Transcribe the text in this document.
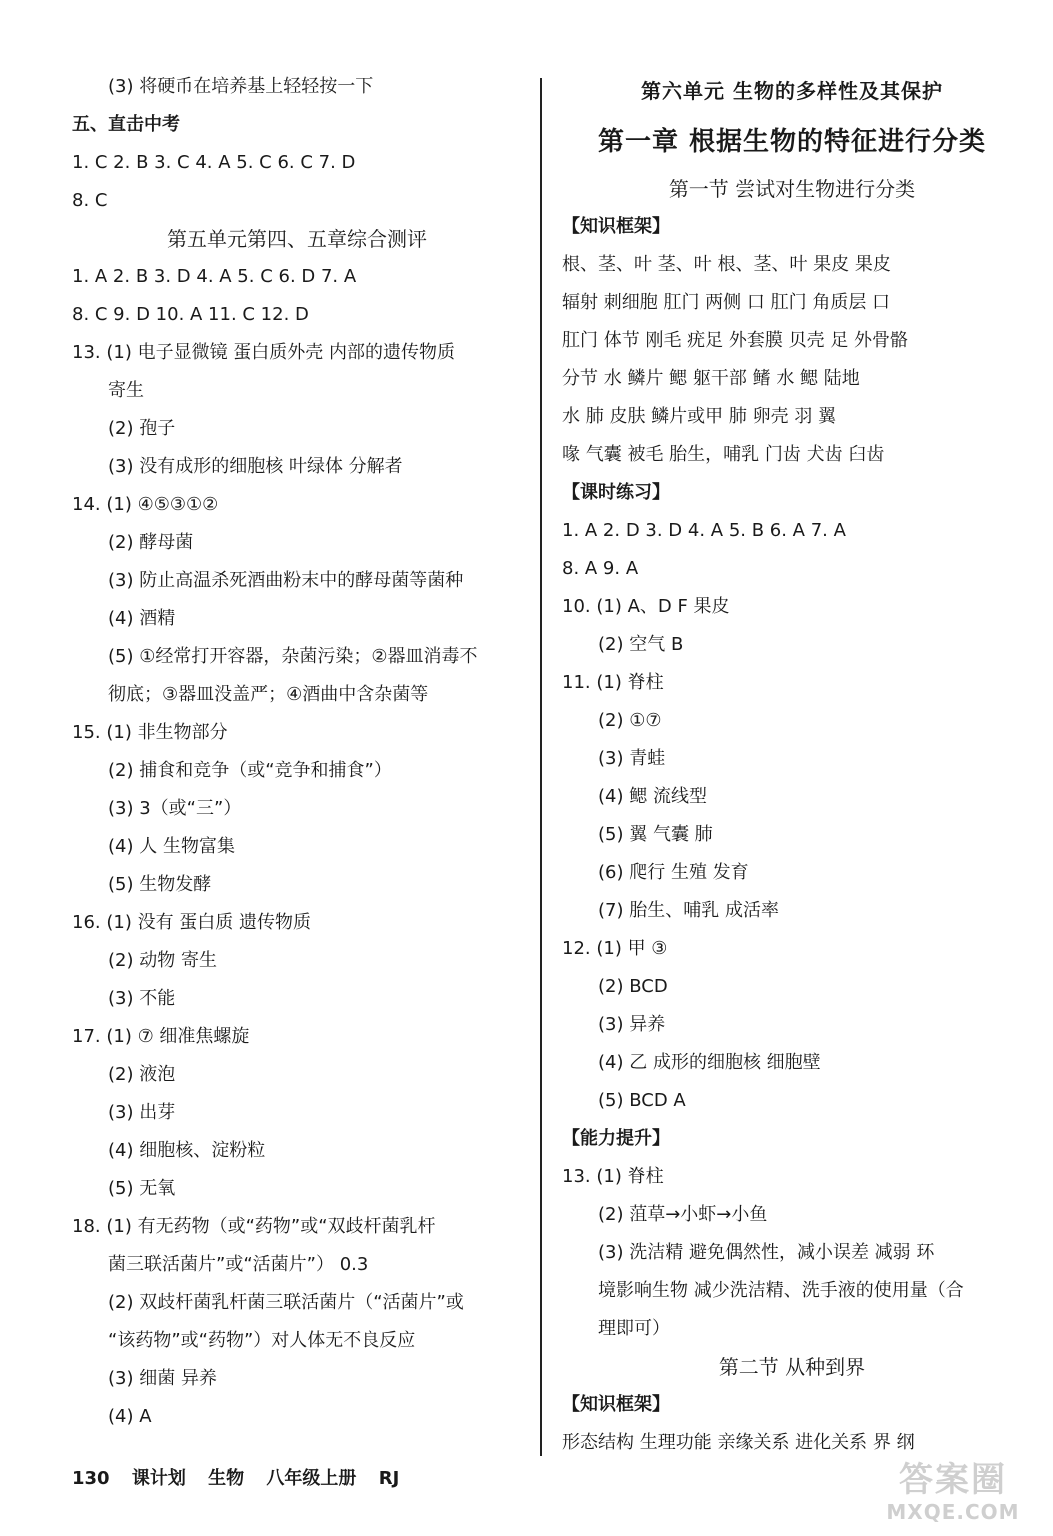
(3) 将硬币在培养基上轻轻按一下
五、直击中考
1. C 2. B 3. C 4. A 5. C 6. C 7. D
8. C
第五单元第四、五章综合测评
1. A 2. B 3. D 4. A 5. C 6. D 7. A
8. C 9. D 10. A 11. C 12. D
13. (1) 电子显微镜 蛋白质外壳 内部的遗传物质
寄生
(2) 孢子
(3) 没有成形的细胞核 叶绿体 分解者
14. (1) ④⑤③①②
(2) 酵母菌
(3) 防止高温杀死酒曲粉末中的酵母菌等菌种
(4) 酒精
(5) ①经常打开容器，杂菌污染；②器皿消毒不
彻底；③器皿没盖严；④酒曲中含杂菌等
15. (1) 非生物部分
(2) 捕食和竞争（或“竞争和捕食”）
(3) 3（或“三”）
(4) 人 生物富集
(5) 生物发酵
16. (1) 没有 蛋白质 遗传物质
(2) 动物 寄生
(3) 不能
17. (1) ⑦ 细准焦螺旋
(2) 液泡
(3) 出芽
(4) 细胞核、淀粉粒
(5) 无氧
18. (1) 有无药物（或“药物”或“双歧杆菌乳杆
菌三联活菌片”或“活菌片”） 0.3
(2) 双歧杆菌乳杆菌三联活菌片（“活菌片”或
“该药物”或“药物”）对人体无不良反应
(3) 细菌 异养
(4) A
第六单元 生物的多样性及其保护
第一章 根据生物的特征进行分类
第一节 尝试对生物进行分类
【知识框架】
根、茎、叶 茎、叶 根、茎、叶 果皮 果皮
辐射 刺细胞 肛门 两侧 口 肛门 角质层 口
肛门 体节 刚毛 疣足 外套膜 贝壳 足 外骨骼
分节 水 鳞片 鳃 躯干部 鳍 水 鳃 陆地
水 肺 皮肤 鳞片或甲 肺 卵壳 羽 翼
喙 气囊 被毛 胎生，哺乳 门齿 犬齿 臼齿
【课时练习】
1. A 2. D 3. D 4. A 5. B 6. A 7. A
8. A 9. A
10. (1) A、D F 果皮
(2) 空气 B
11. (1) 脊柱
(2) ①⑦
(3) 青蛙
(4) 鳃 流线型
(5) 翼 气囊 肺
(6) 爬行 生殖 发育
(7) 胎生、哺乳 成活率
12. (1) 甲 ③
(2) BCD
(3) 异养
(4) 乙 成形的细胞核 细胞壁
(5) BCD A
【能力提升】
13. (1) 脊柱
(2) 菹草→小虾→小鱼
(3) 洗洁精 避免偶然性，减小误差 减弱 环
境影响生物 减少洗洁精、洗手液的使用量（合
理即可）
第二节 从种到界
【知识框架】
形态结构 生理功能 亲缘关系 进化关系 界 纲
130 课计划 生物 八年级上册 RJ	答案圈
MXQE.COM
